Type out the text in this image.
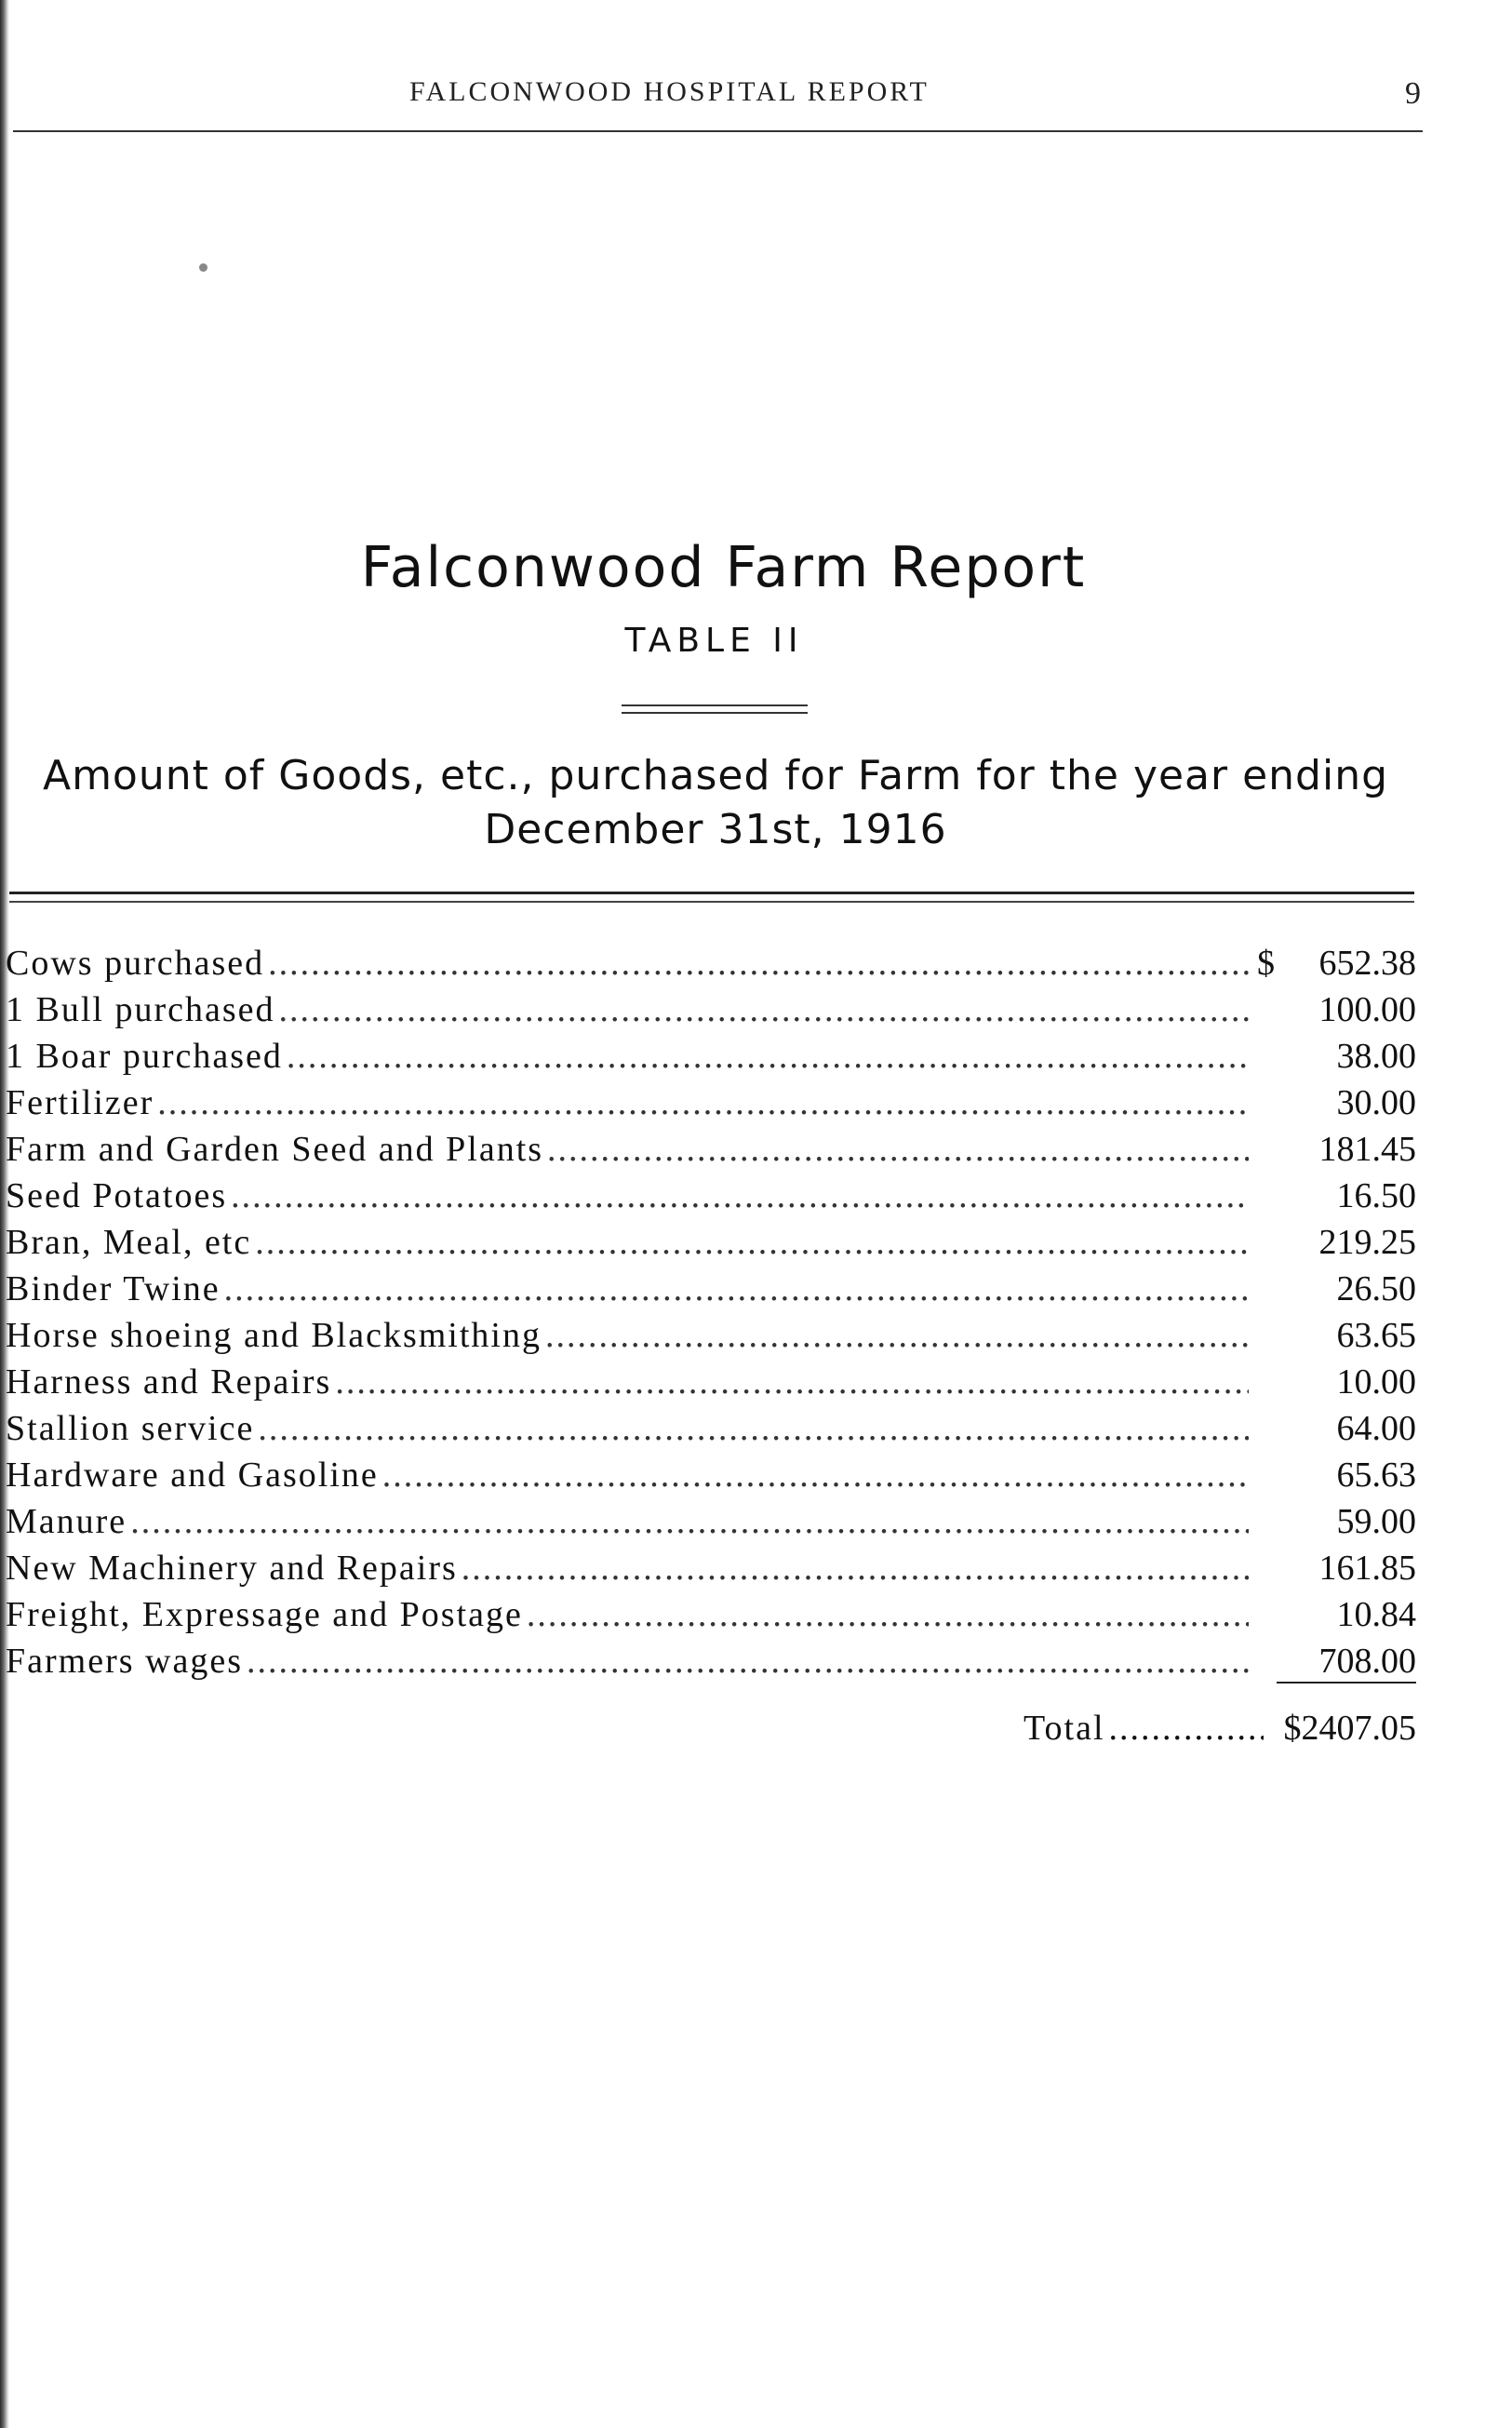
FALCONWOOD HOSPITAL REPORT	9
Falconwood Farm Report
TABLE II

Amount of Goods, etc., purchased for Farm for the year ending December 31st, 1916

Cows purchased .....	$	652.38
1 Bull purchased .....	100.00
1 Boar purchased .....	38.00
Fertilizer .....	30.00
Farm and Garden Seed and Plants .....	181.45
Seed Potatoes .....	16.50
Bran, Meal, etc .....	219.25
Binder Twine .....	26.50
Horse shoeing and Blacksmithing .....	63.65
Harness and Repairs .....	10.00
Stallion service .....	64.00
Hardware and Gasoline .....	65.63
Manure .....	59.00
New Machinery and Repairs .....	161.85
Freight, Expressage and Postage .....	10.84
Farmers wages .....	708.00
Total .....	$2407.05
